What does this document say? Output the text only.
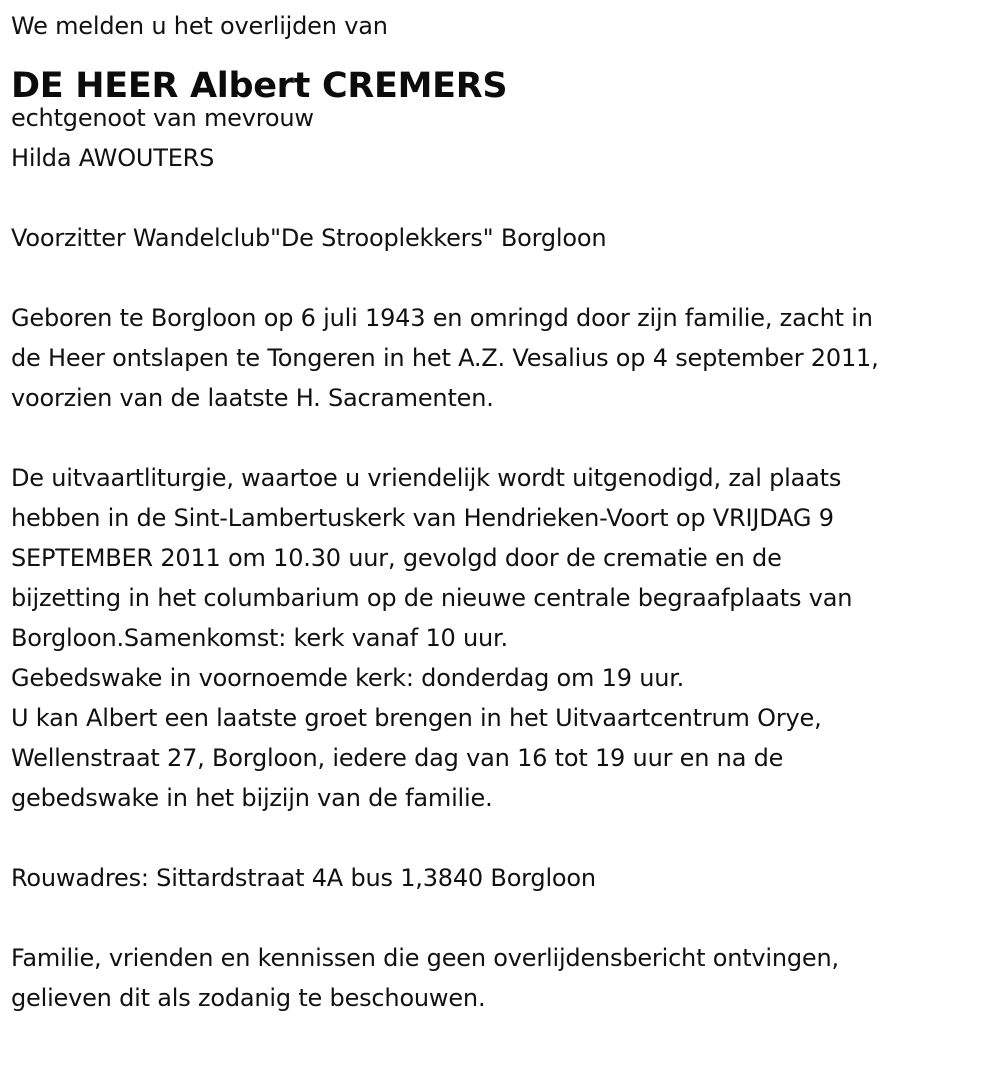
We melden u het overlijden van
DE HEER Albert CREMERS
echtgenoot van mevrouw
Hilda AWOUTERS
Voorzitter Wandelclub"De Strooplekkers" Borgloon
Geboren te Borgloon op 6 juli 1943 en omringd door zijn familie, zacht in
de Heer ontslapen te Tongeren in het A.Z. Vesalius op 4 september 2011,
voorzien van de laatste H. Sacramenten.
De uitvaartliturgie, waartoe u vriendelijk wordt uitgenodigd, zal plaats
hebben in de Sint-Lambertuskerk van Hendrieken-Voort op VRIJDAG 9
SEPTEMBER 2011 om 10.30 uur, gevolgd door de crematie en de
bijzetting in het columbarium op de nieuwe centrale begraafplaats van
Borgloon.Samenkomst: kerk vanaf 10 uur.
Gebedswake in voornoemde kerk: donderdag om 19 uur.
U kan Albert een laatste groet brengen in het Uitvaartcentrum Orye,
Wellenstraat 27, Borgloon, iedere dag van 16 tot 19 uur en na de
gebedswake in het bijzijn van de familie.
Rouwadres: Sittardstraat 4A bus 1,3840 Borgloon
Familie, vrienden en kennissen die geen overlijdensbericht ontvingen,
gelieven dit als zodanig te beschouwen.
